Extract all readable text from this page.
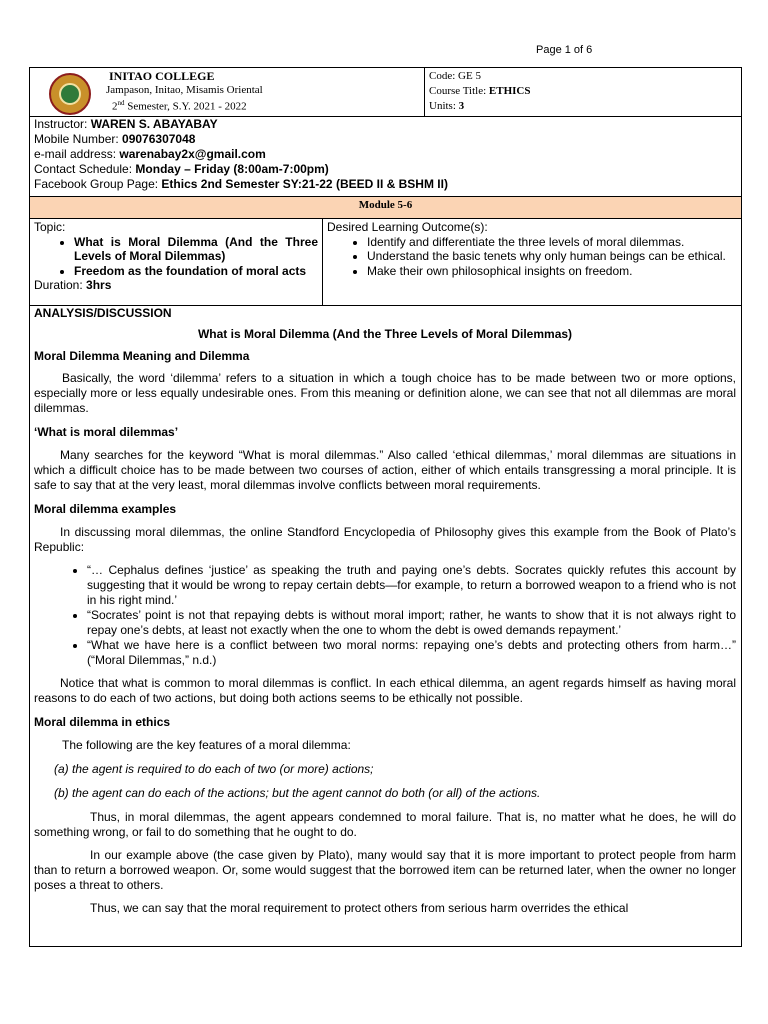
Page 1 of 6
INITAO COLLEGE
Jampason, Initao, Misamis Oriental
2nd Semester, S.Y. 2021 - 2022
Code: GE 5
Course Title: ETHICS
Units: 3
Instructor: WAREN S. ABAYABAY
Mobile Number: 09076307048
e-mail address: warenabay2x@gmail.com
Contact Schedule: Monday – Friday (8:00am-7:00pm)
Facebook Group Page: Ethics 2nd Semester SY:21-22 (BEED II & BSHM II)
Module 5-6
Topic:
• What is Moral Dilemma (And the Three Levels of Moral Dilemmas)
• Freedom as the foundation of moral acts
Duration: 3hrs
Desired Learning Outcome(s):
• Identify and differentiate the three levels of moral dilemmas.
• Understand the basic tenets why only human beings can be ethical.
• Make their own philosophical insights on freedom.

ANALYSIS/DISCUSSION

What is Moral Dilemma (And the Three Levels of Moral Dilemmas)

Moral Dilemma Meaning and Dilemma

Basically, the word ‘dilemma’ refers to a situation in which a tough choice has to be made between two or more options, especially more or less equally undesirable ones. From this meaning or definition alone, we can see that not all dilemmas are moral dilemmas.

‘What is moral dilemmas’

Many searches for the keyword “What is moral dilemmas.” Also called ‘ethical dilemmas,’ moral dilemmas are situations in which a difficult choice has to be made between two courses of action, either of which entails transgressing a moral principle. It is safe to say that at the very least, moral dilemmas involve conflicts between moral requirements.

Moral dilemma examples

In discussing moral dilemmas, the online Standford Encyclopedia of Philosophy gives this example from the Book of Plato’s Republic:

• “… Cephalus defines ‘justice’ as speaking the truth and paying one’s debts. Socrates quickly refutes this account by suggesting that it would be wrong to repay certain debts—for example, to return a borrowed weapon to a friend who is not in his right mind.’
• “Socrates’ point is not that repaying debts is without moral import; rather, he wants to show that it is not always right to repay one’s debts, at least not exactly when the one to whom the debt is owed demands repayment.’
• “What we have here is a conflict between two moral norms: repaying one’s debts and protecting others from harm…” (“Moral Dilemmas,” n.d.)

Notice that what is common to moral dilemmas is conflict. In each ethical dilemma, an agent regards himself as having moral reasons to do each of two actions, but doing both actions seems to be ethically not possible.

Moral dilemma in ethics

The following are the key features of a moral dilemma:

(a) the agent is required to do each of two (or more) actions;

(b) the agent can do each of the actions; but the agent cannot do both (or all) of the actions.

Thus, in moral dilemmas, the agent appears condemned to moral failure. That is, no matter what he does, he will do something wrong, or fail to do something that he ought to do.

In our example above (the case given by Plato), many would say that it is more important to protect people from harm than to return a borrowed weapon. Or, some would suggest that the borrowed item can be returned later, when the owner no longer poses a threat to others.

Thus, we can say that the moral requirement to protect others from serious harm overrides the ethical
